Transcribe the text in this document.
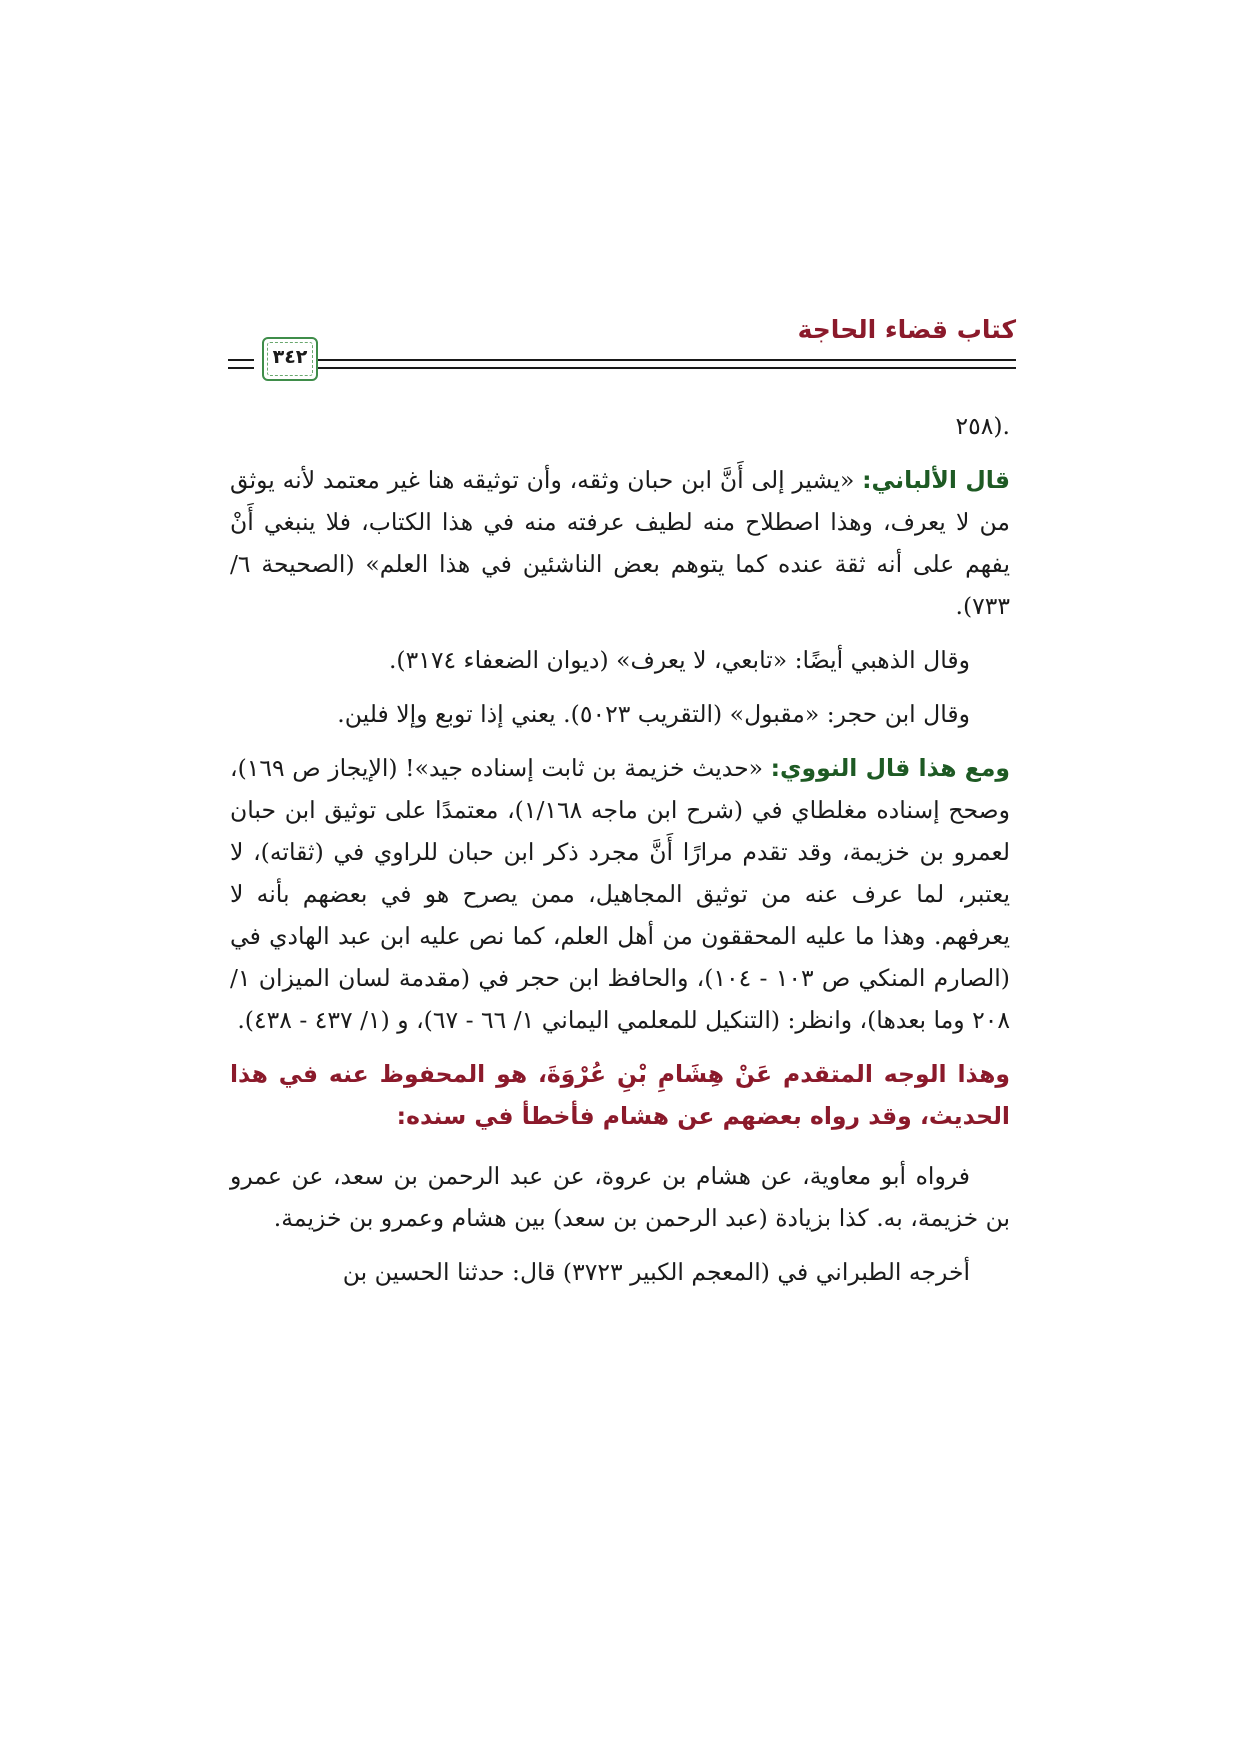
كتاب قضاء الحاجة
٣٤٢

.(٢٥٨

قال الألباني: «يشير إلى أَنَّ ابن حبان وثقه، وأن توثيقه هنا غير معتمد لأنه يوثق من لا يعرف، وهذا اصطلاح منه لطيف عرفته منه في هذا الكتاب، فلا ينبغي أَنْ يفهم على أنه ثقة عنده كما يتوهم بعض الناشئين في هذا العلم» (الصحيحة ٦/ ٧٣٣).

وقال الذهبي أيضًا: «تابعي، لا يعرف» (ديوان الضعفاء ٣١٧٤).

وقال ابن حجر: «مقبول» (التقريب ٥٠٢٣). يعني إذا توبع وإلا فلين.

ومع هذا قال النووي: «حديث خزيمة بن ثابت إسناده جيد»! (الإيجاز ص ١٦٩)، وصحح إسناده مغلطاي في (شرح ابن ماجه ١/١٦٨)، معتمدًا على توثيق ابن حبان لعمرو بن خزيمة، وقد تقدم مرارًا أَنَّ مجرد ذكر ابن حبان للراوي في (ثقاته)، لا يعتبر، لما عرف عنه من توثيق المجاهيل، ممن يصرح هو في بعضهم بأنه لا يعرفهم. وهذا ما عليه المحققون من أهل العلم، كما نص عليه ابن عبد الهادي في (الصارم المنكي ص ١٠٣ - ١٠٤)، والحافظ ابن حجر في (مقدمة لسان الميزان ١/ ٢٠٨ وما بعدها)، وانظر: (التنكيل للمعلمي اليماني ١/ ٦٦ - ٦٧)، و (١/ ٤٣٧ - ٤٣٨).

وهذا الوجه المتقدم عَنْ هِشَامِ بْنِ عُرْوَةَ، هو المحفوظ عنه في هذا الحديث، وقد رواه بعضهم عن هشام فأخطأ في سنده:

فرواه أبو معاوية، عن هشام بن عروة، عن عبد الرحمن بن سعد، عن عمرو بن خزيمة، به. كذا بزيادة (عبد الرحمن بن سعد) بين هشام وعمرو بن خزيمة.

أخرجه الطبراني في (المعجم الكبير ٣٧٢٣) قال: حدثنا الحسين بن
